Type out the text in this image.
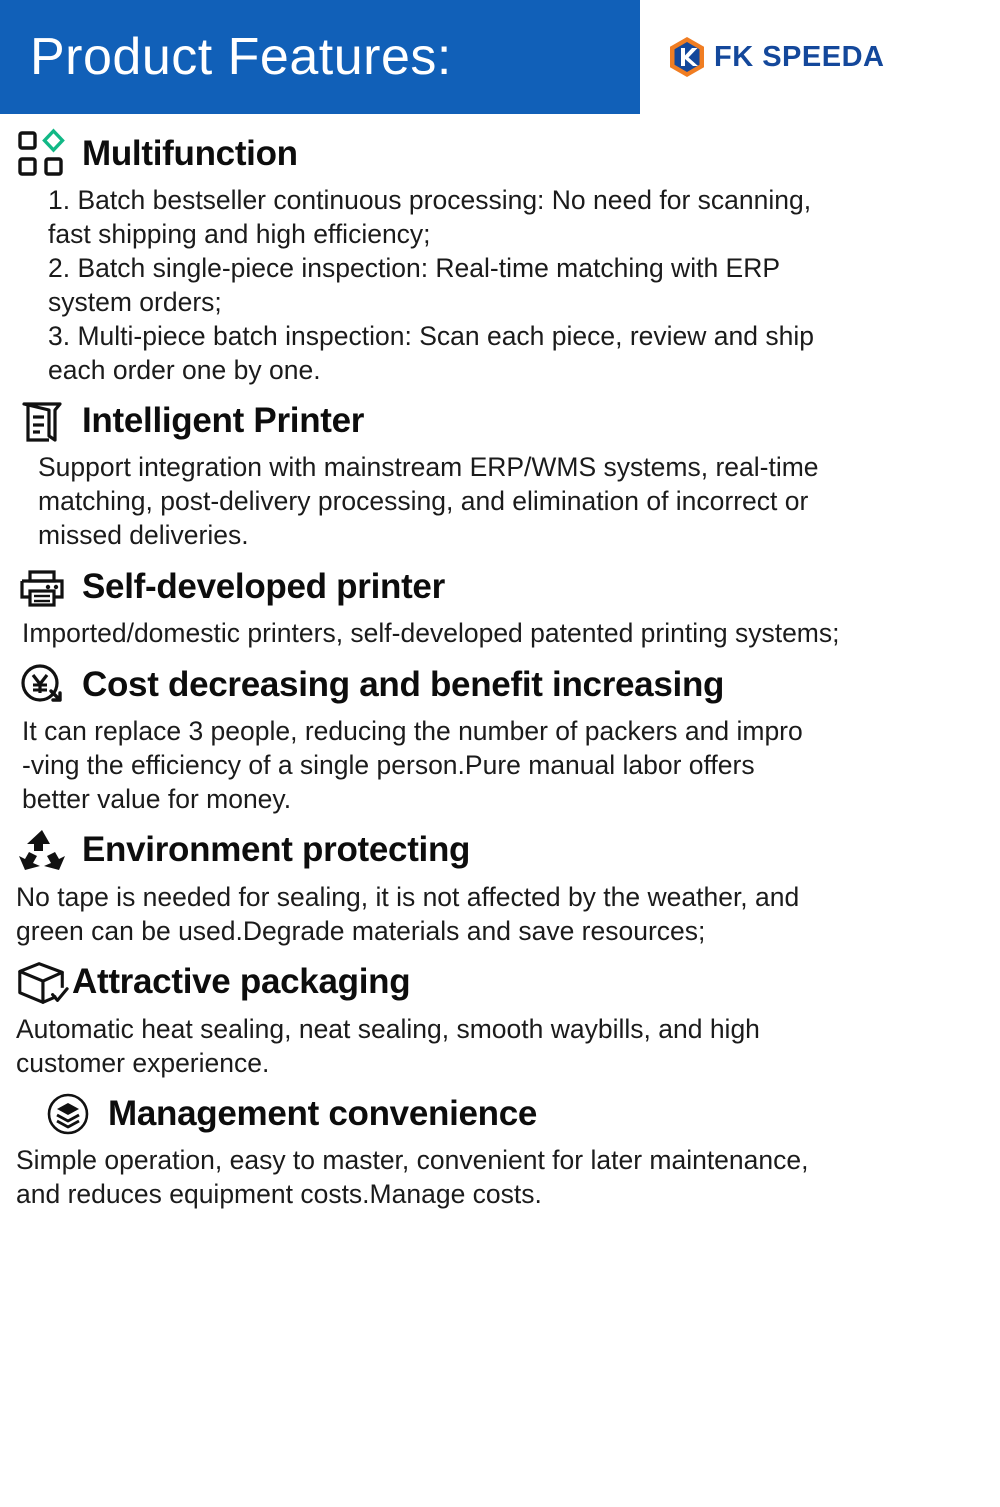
Product Features:	FK SPEEDA
Multifunction
1. Batch bestseller continuous processing: No need for scanning,
fast shipping and high efficiency;
2. Batch single-piece inspection: Real-time matching with ERP
system orders;
3. Multi-piece batch inspection: Scan each piece, review and ship
each order one by one.
Intelligent Printer
Support integration with mainstream ERP/WMS systems, real-time
matching, post-delivery processing, and elimination of incorrect or
missed deliveries.
Self-developed printer
Imported/domestic printers, self-developed patented printing systems;
Cost decreasing and benefit increasing
It can replace 3 people, reducing the number of packers and impro
-ving the efficiency of a single person.Pure manual labor offers
better value for money.
Environment protecting
No tape is needed for sealing, it is not affected by the weather, and
green can be used.Degrade materials and save resources;
Attractive packaging
Automatic heat sealing, neat sealing, smooth waybills, and high
customer experience.
Management convenience
Simple operation, easy to master, convenient for later maintenance,
and reduces equipment costs.Manage costs.
